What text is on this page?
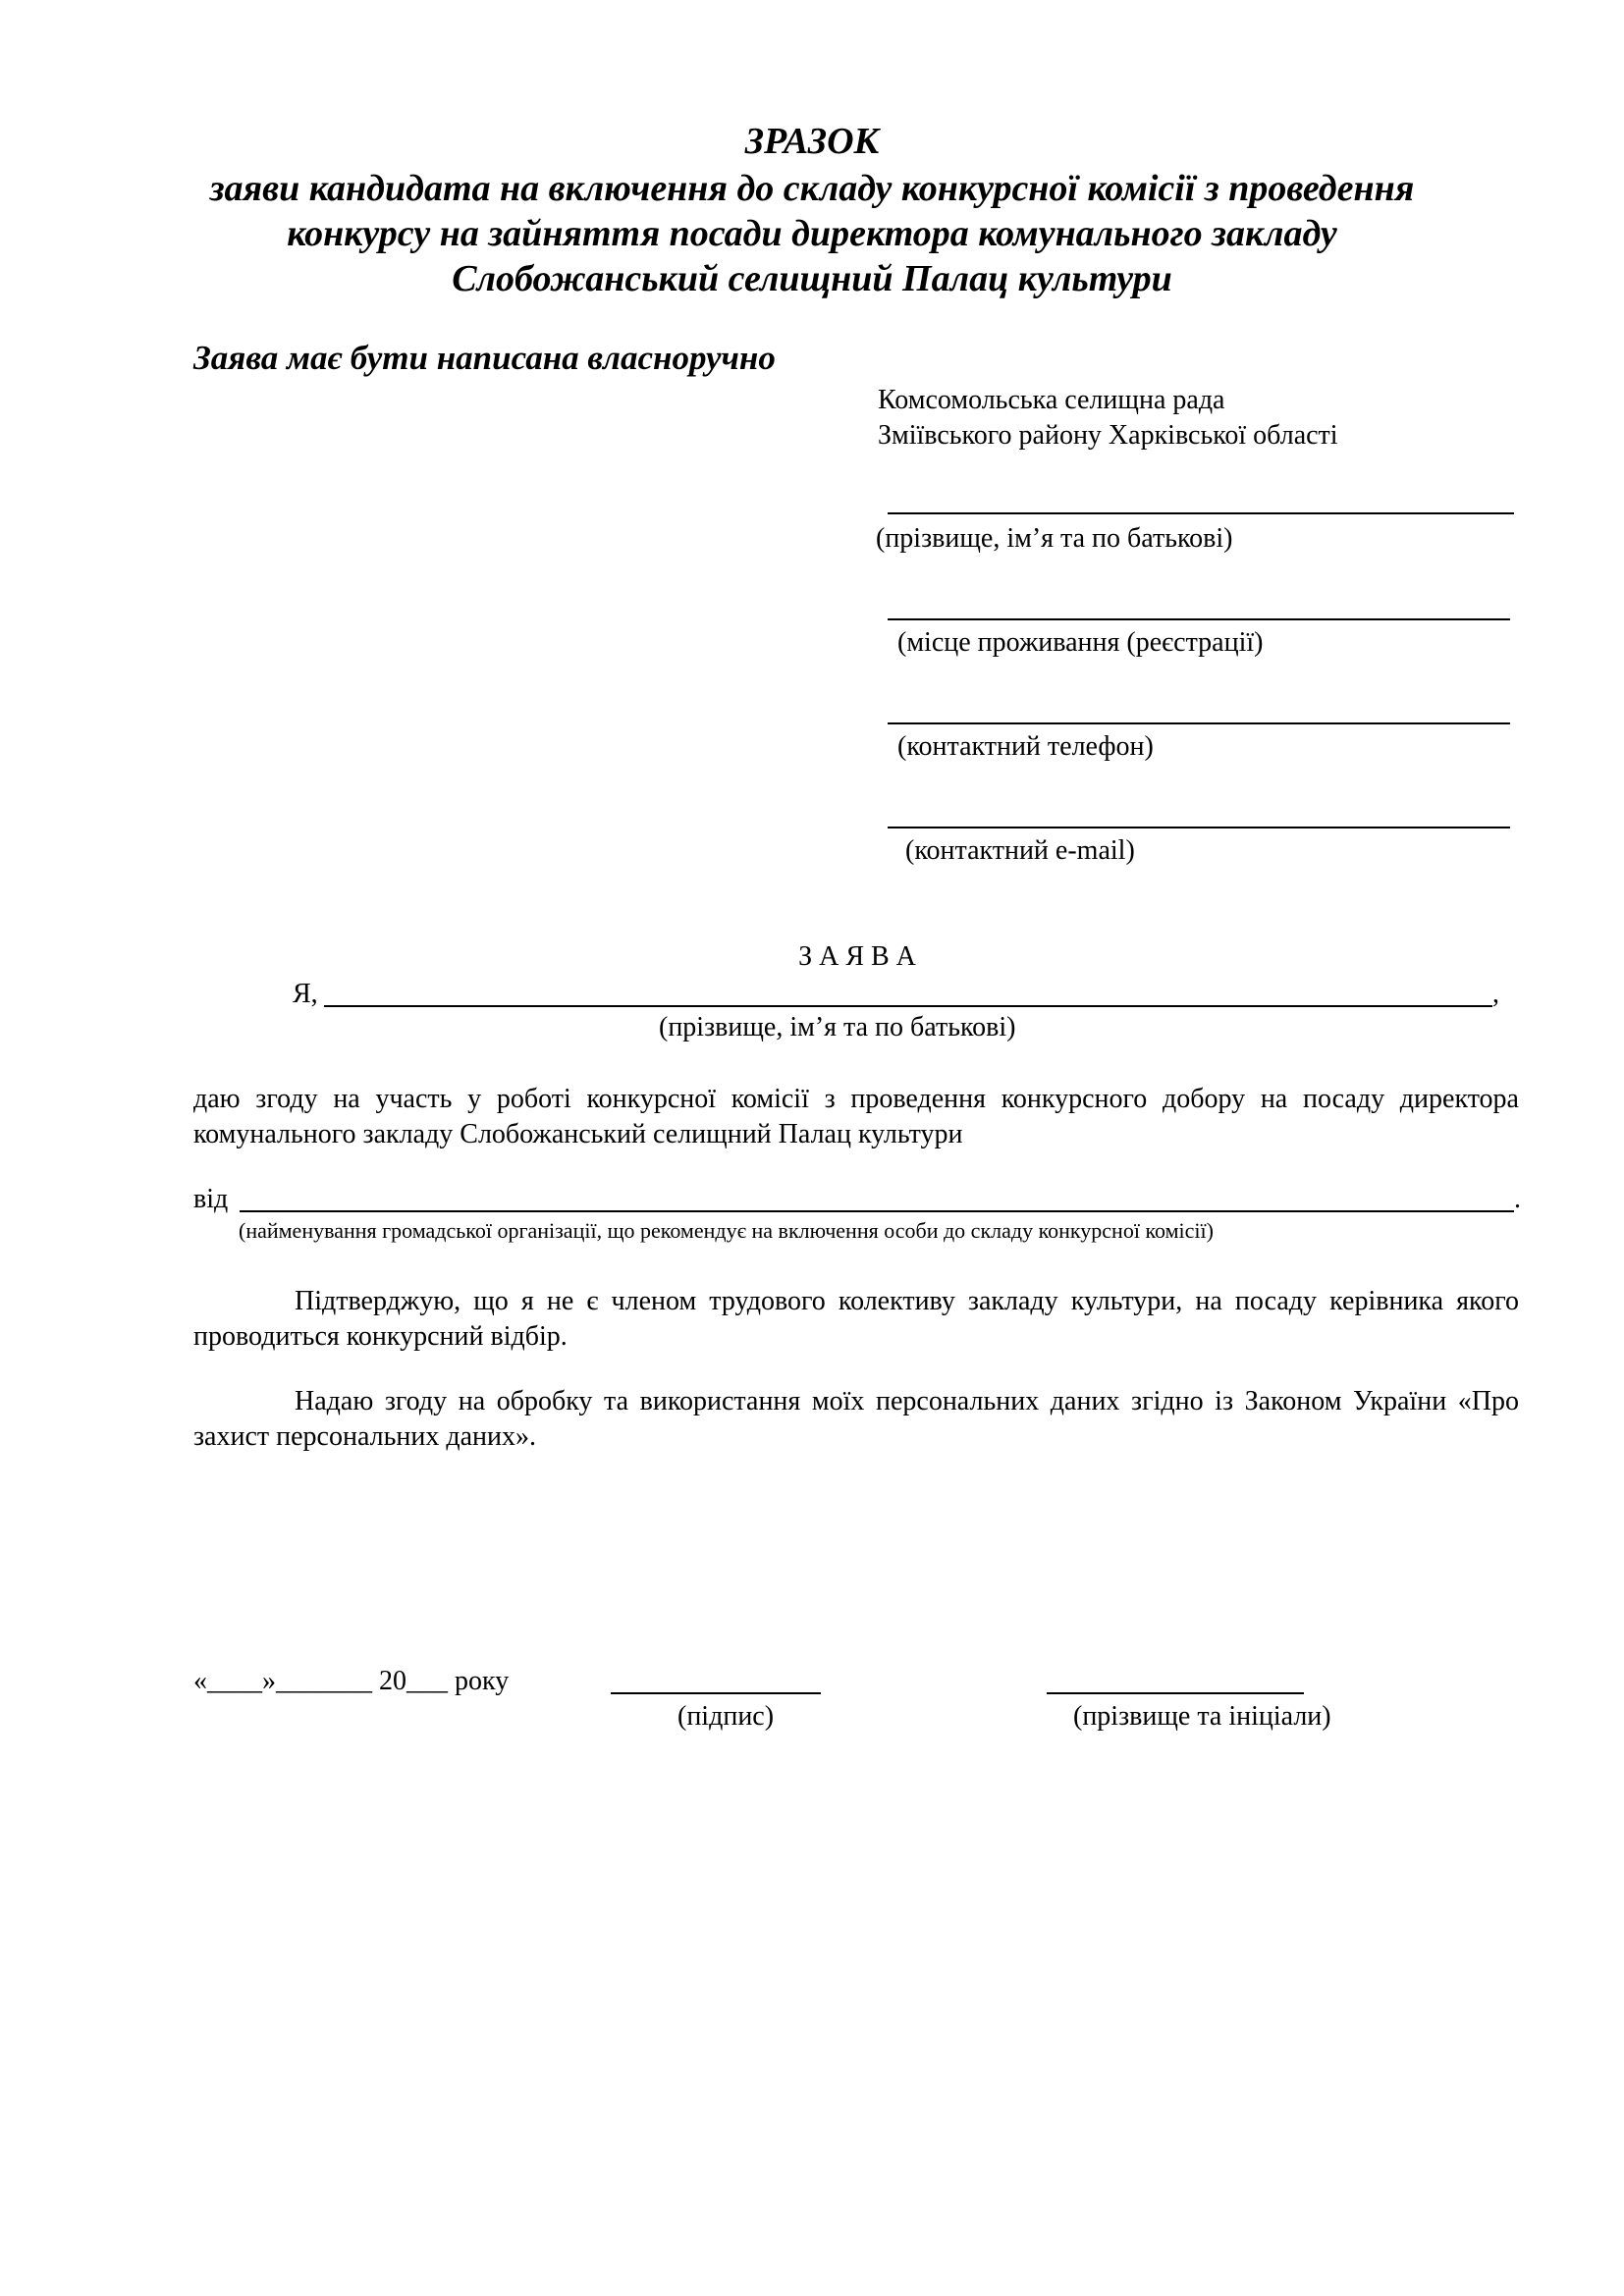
ЗРАЗОК
заяви кандидата на включення до складу конкурсної комісії з проведення
конкурсу на зайняття посади директора комунального закладу
Слобожанський селищний Палац культури
Заява має бути написана власноручно
Комсомольська селищна рада
Зміївського району Харківської області
(прізвище, ім’я та по батькові)
(місце проживання (реєстрації)
(контактний телефон)
(контактний e-mail)
З А Я В А
Я,	,
(прізвище, ім’я та по батькові)
даю згоду на участь у роботі конкурсної комісії з проведення конкурсного добору на посаду директора комунального закладу Слобожанський селищний Палац культури
від	.
(найменування громадської організації, що рекомендує на включення особи до складу конкурсної комісії)
Підтверджую, що я не є членом трудового колективу закладу культури, на посаду керівника якого проводиться конкурсний відбір.
Надаю згоду на обробку та використання моїх персональних даних згідно із Законом України «Про захист персональних даних».
«____»_______ 20___ року
(підпис)	(прізвище та ініціали)
